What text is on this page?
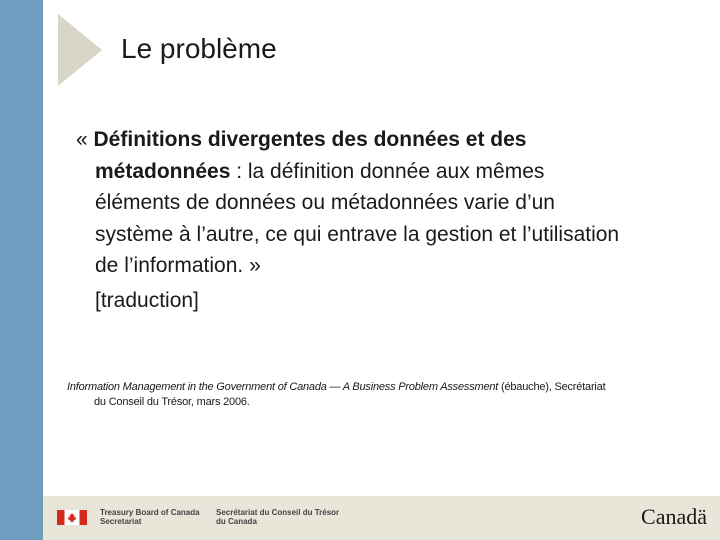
Le problème
« Définitions divergentes des données et des
métadonnées : la définition donnée aux mêmes
éléments de données ou métadonnées varie d’un
système à l’autre, ce qui entrave la gestion et l’utilisation
de l’information. »
[traduction]
Information Management in the Government of Canada — A Business Problem Assessment (ébauche), Secrétariat
du Conseil du Trésor, mars 2006.
Treasury Board of Canada
Secretariat
Secrétariat du Conseil du Trésor
du Canada	Canadä
